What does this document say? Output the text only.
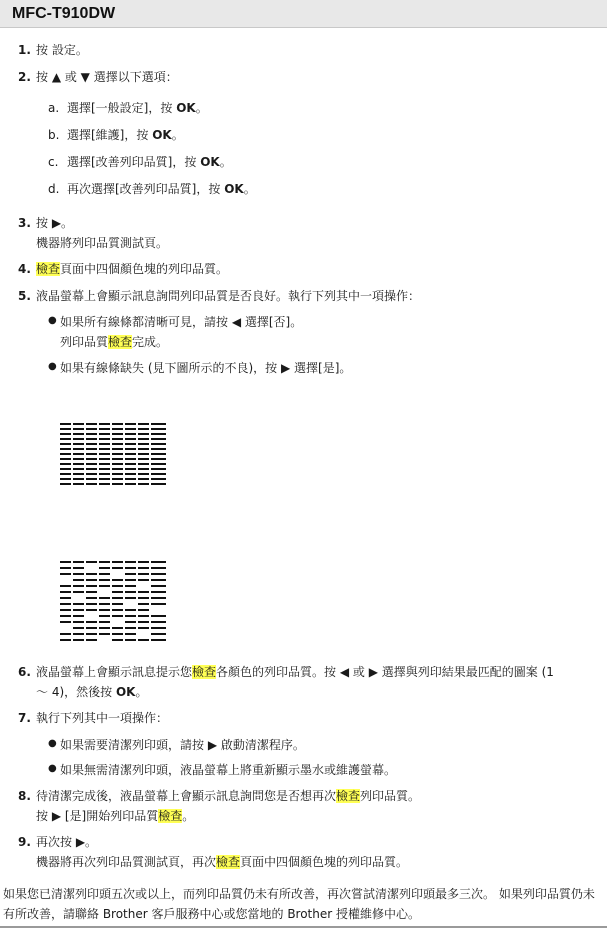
MFC-T910DW
1. 按 設定。
2. 按 ▲ 或 ▼ 選擇以下選項：
a. 選擇[一般設定]，按 OK。
b. 選擇[維護]，按 OK。
c. 選擇[改善列印品質]，按 OK。
d. 再次選擇[改善列印品質]，按 OK。
3. 按 ▶。
機器將列印品質測試頁。
4. 檢查頁面中四個顏色塊的列印品質。
5. 液晶螢幕上會顯示訊息詢問列印品質是否良好。執行下列其中一項操作：
● 如果所有線條都清晰可見，請按 ◀ 選擇[否]。
列印品質檢查完成。
● 如果有線條缺失 (見下圖所示的不良)，按 ▶ 選擇[是]。
6. 液晶螢幕上會顯示訊息提示您檢查各顏色的列印品質。按 ◀ 或 ▶ 選擇與列印結果最匹配的圖案 (1
～ 4)，然後按 OK。
7. 執行下列其中一項操作：
● 如果需要清潔列印頭，請按 ▶ 啟動清潔程序。
● 如果無需清潔列印頭，液晶螢幕上將重新顯示墨水或維護螢幕。
8. 待清潔完成後，液晶螢幕上會顯示訊息詢問您是否想再次檢查列印品質。
按 ▶ [是]開始列印品質檢查。
9. 再次按 ▶。
機器將再次列印品質測試頁，再次檢查頁面中四個顏色塊的列印品質。
如果您已清潔列印頭五次或以上，而列印品質仍未有所改善，再次嘗試清潔列印頭最多三次。 如果列印品質仍未有所改善，請聯絡 Brother 客戶服務中心或您當地的 Brother 授權維修中心。
